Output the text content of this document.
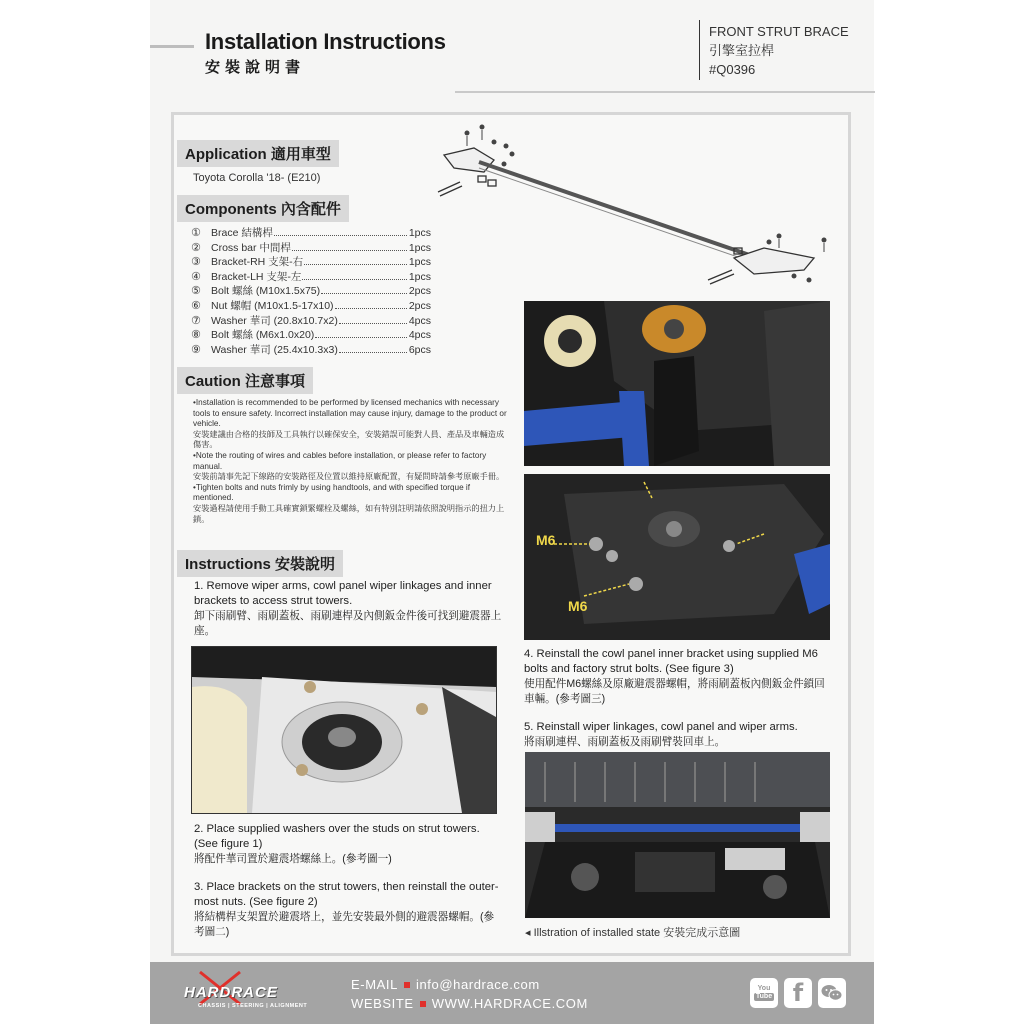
Installation Instructions
安裝說明書
FRONT STRUT BRACE
引擎室拉桿
#Q0396
Application 適用車型
Toyota Corolla '18- (E210)
Components 內含配件
① Brace 結構桿	1pcs
② Cross bar 中間桿	1pcs
③ Bracket-RH 支架-右	1pcs
④ Bracket-LH 支架-左	1pcs
⑤ Bolt 螺絲 (M10x1.5x75)	2pcs
⑥ Nut 螺帽 (M10x1.5-17x10)	2pcs
⑦ Washer 華司 (20.8x10.7x2)	4pcs
⑧ Bolt 螺絲 (M6x1.0x20)	4pcs
⑨ Washer 華司 (25.4x10.3x3)	6pcs
Caution 注意事項

•Installation is recommended to be performed by licensed mechanics with necessary tools to ensure safety. Incorrect installation may cause injury, damage to the product or vehicle.

安裝建議由合格的技師及工具執行以確保安全，安裝錯誤可能對人員、產品及車輛造成傷害。

•Note the routing of wires and cables before installation, or please refer to factory manual.

安裝前請事先記下線路的安裝路徑及位置以維持原廠配置，有疑問時請參考原廠手冊。

•Tighten bolts and nuts frimly by using handtools, and with specified torque if mentioned.

安裝過程請使用手動工具確實鎖緊螺栓及螺絲，如有特別註明請依照說明指示的扭力上鎖。

Instructions 安裝說明
1. Remove wiper arms, cowl panel wiper linkages and inner brackets to access strut towers.
卸下雨刷臂、雨刷蓋板、雨刷連桿及內側鈑金件後可找到避震器上座。
2. Place supplied washers over the studs on strut towers. (See figure 1)
將配件華司置於避震塔螺絲上。(參考圖一)
3. Place brackets on the strut towers, then reinstall the outer-most nuts. (See figure 2)
將結構桿支架置於避震塔上，並先安裝最外側的避震器螺帽。(參考圖二)
M6
M6
4. Reinstall the cowl panel inner bracket using supplied M6 bolts and factory strut bolts. (See figure 3)
使用配件M6螺絲及原廠避震器螺帽，將雨刷蓋板內側鈑金件鎖回車輛。(參考圖三)
5. Reinstall wiper linkages, cowl panel and wiper arms.
將雨刷連桿、雨刷蓋板及雨刷臂裝回車上。
◂ Illstration of installed state 安裝完成示意圖
HARDRACE
CHASSIS | STEERING | ALIGNMENT
E-MAIL info@hardrace.com
WEBSITE WWW.HARDRACE.COM
You
Tube f
